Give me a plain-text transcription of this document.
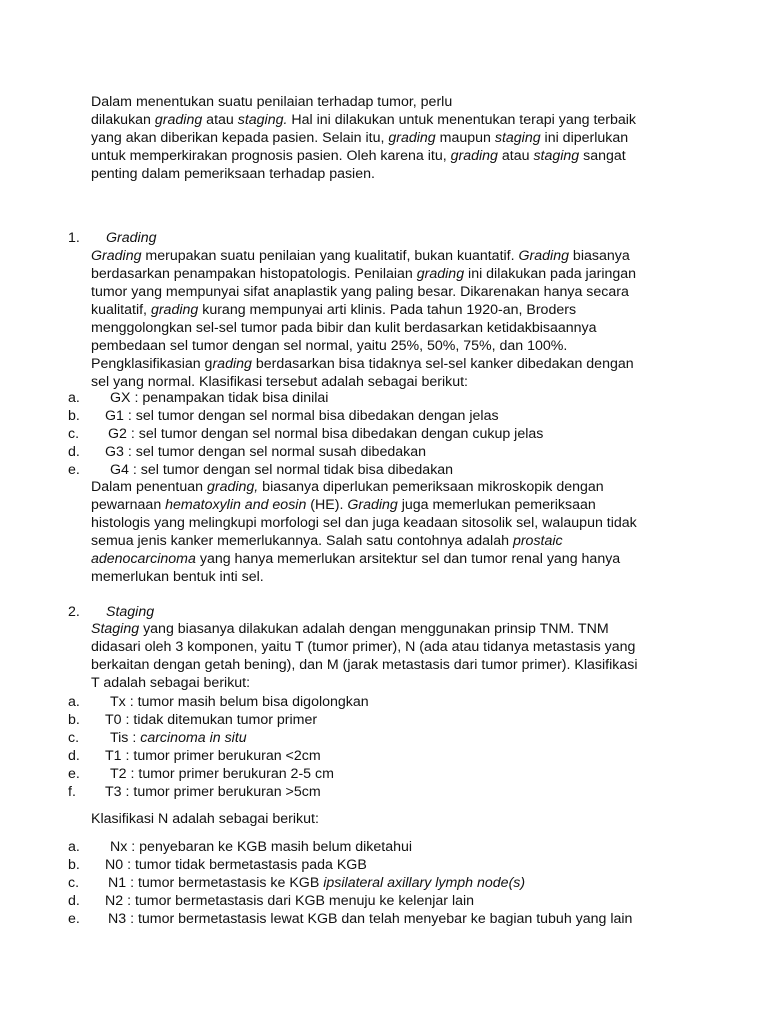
Dalam menentukan suatu penilaian terhadap tumor, perlu
dilakukan grading atau staging. Hal ini dilakukan untuk menentukan terapi yang terbaik
yang akan diberikan kepada pasien. Selain itu, grading maupun staging ini diperlukan
untuk memperkirakan prognosis pasien. Oleh karena itu, grading atau staging sangat
penting dalam pemeriksaan terhadap pasien.
1. Grading
Grading merupakan suatu penilaian yang kualitatif, bukan kuantatif. Grading biasanya
berdasarkan penampakan histopatologis. Penilaian grading ini dilakukan pada jaringan
tumor yang mempunyai sifat anaplastik yang paling besar. Dikarenakan hanya secara
kualitatif, grading kurang mempunyai arti klinis. Pada tahun 1920-an, Broders
menggolongkan sel-sel tumor pada bibir dan kulit berdasarkan ketidakbisaannya
pembedaan sel tumor dengan sel normal, yaitu 25%, 50%, 75%, dan 100%.
Pengklasifikasian grading berdasarkan bisa tidaknya sel-sel kanker dibedakan dengan
sel yang normal. Klasifikasi tersebut adalah sebagai berikut:
a. GX : penampakan tidak bisa dinilai
b. G1 : sel tumor dengan sel normal bisa dibedakan dengan jelas
c. G2 : sel tumor dengan sel normal bisa dibedakan dengan cukup jelas
d. G3 : sel tumor dengan sel normal susah dibedakan
e. G4 : sel tumor dengan sel normal tidak bisa dibedakan
Dalam penentuan grading, biasanya diperlukan pemeriksaan mikroskopik dengan
pewarnaan hematoxylin and eosin (HE). Grading juga memerlukan pemeriksaan
histologis yang melingkupi morfologi sel dan juga keadaan sitosolik sel, walaupun tidak
semua jenis kanker memerlukannya. Salah satu contohnya adalah prostaic
adenocarcinoma yang hanya memerlukan arsitektur sel dan tumor renal yang hanya
memerlukan bentuk inti sel.
2. Staging
Staging yang biasanya dilakukan adalah dengan menggunakan prinsip TNM. TNM
didasari oleh 3 komponen, yaitu T (tumor primer), N (ada atau tidanya metastasis yang
berkaitan dengan getah bening), dan M (jarak metastasis dari tumor primer). Klasifikasi
T adalah sebagai berikut:
a. Tx : tumor masih belum bisa digolongkan
b. T0 : tidak ditemukan tumor primer
c. Tis : carcinoma in situ
d. T1 : tumor primer berukuran <2cm
e. T2 : tumor primer berukuran 2-5 cm
f. T3 : tumor primer berukuran >5cm
Klasifikasi N adalah sebagai berikut:
a. Nx : penyebaran ke KGB masih belum diketahui
b. N0 : tumor tidak bermetastasis pada KGB
c. N1 : tumor bermetastasis ke KGB ipsilateral axillary lymph node(s)
d. N2 : tumor bermetastasis dari KGB menuju ke kelenjar lain
e. N3 : tumor bermetastasis lewat KGB dan telah menyebar ke bagian tubuh yang lain
